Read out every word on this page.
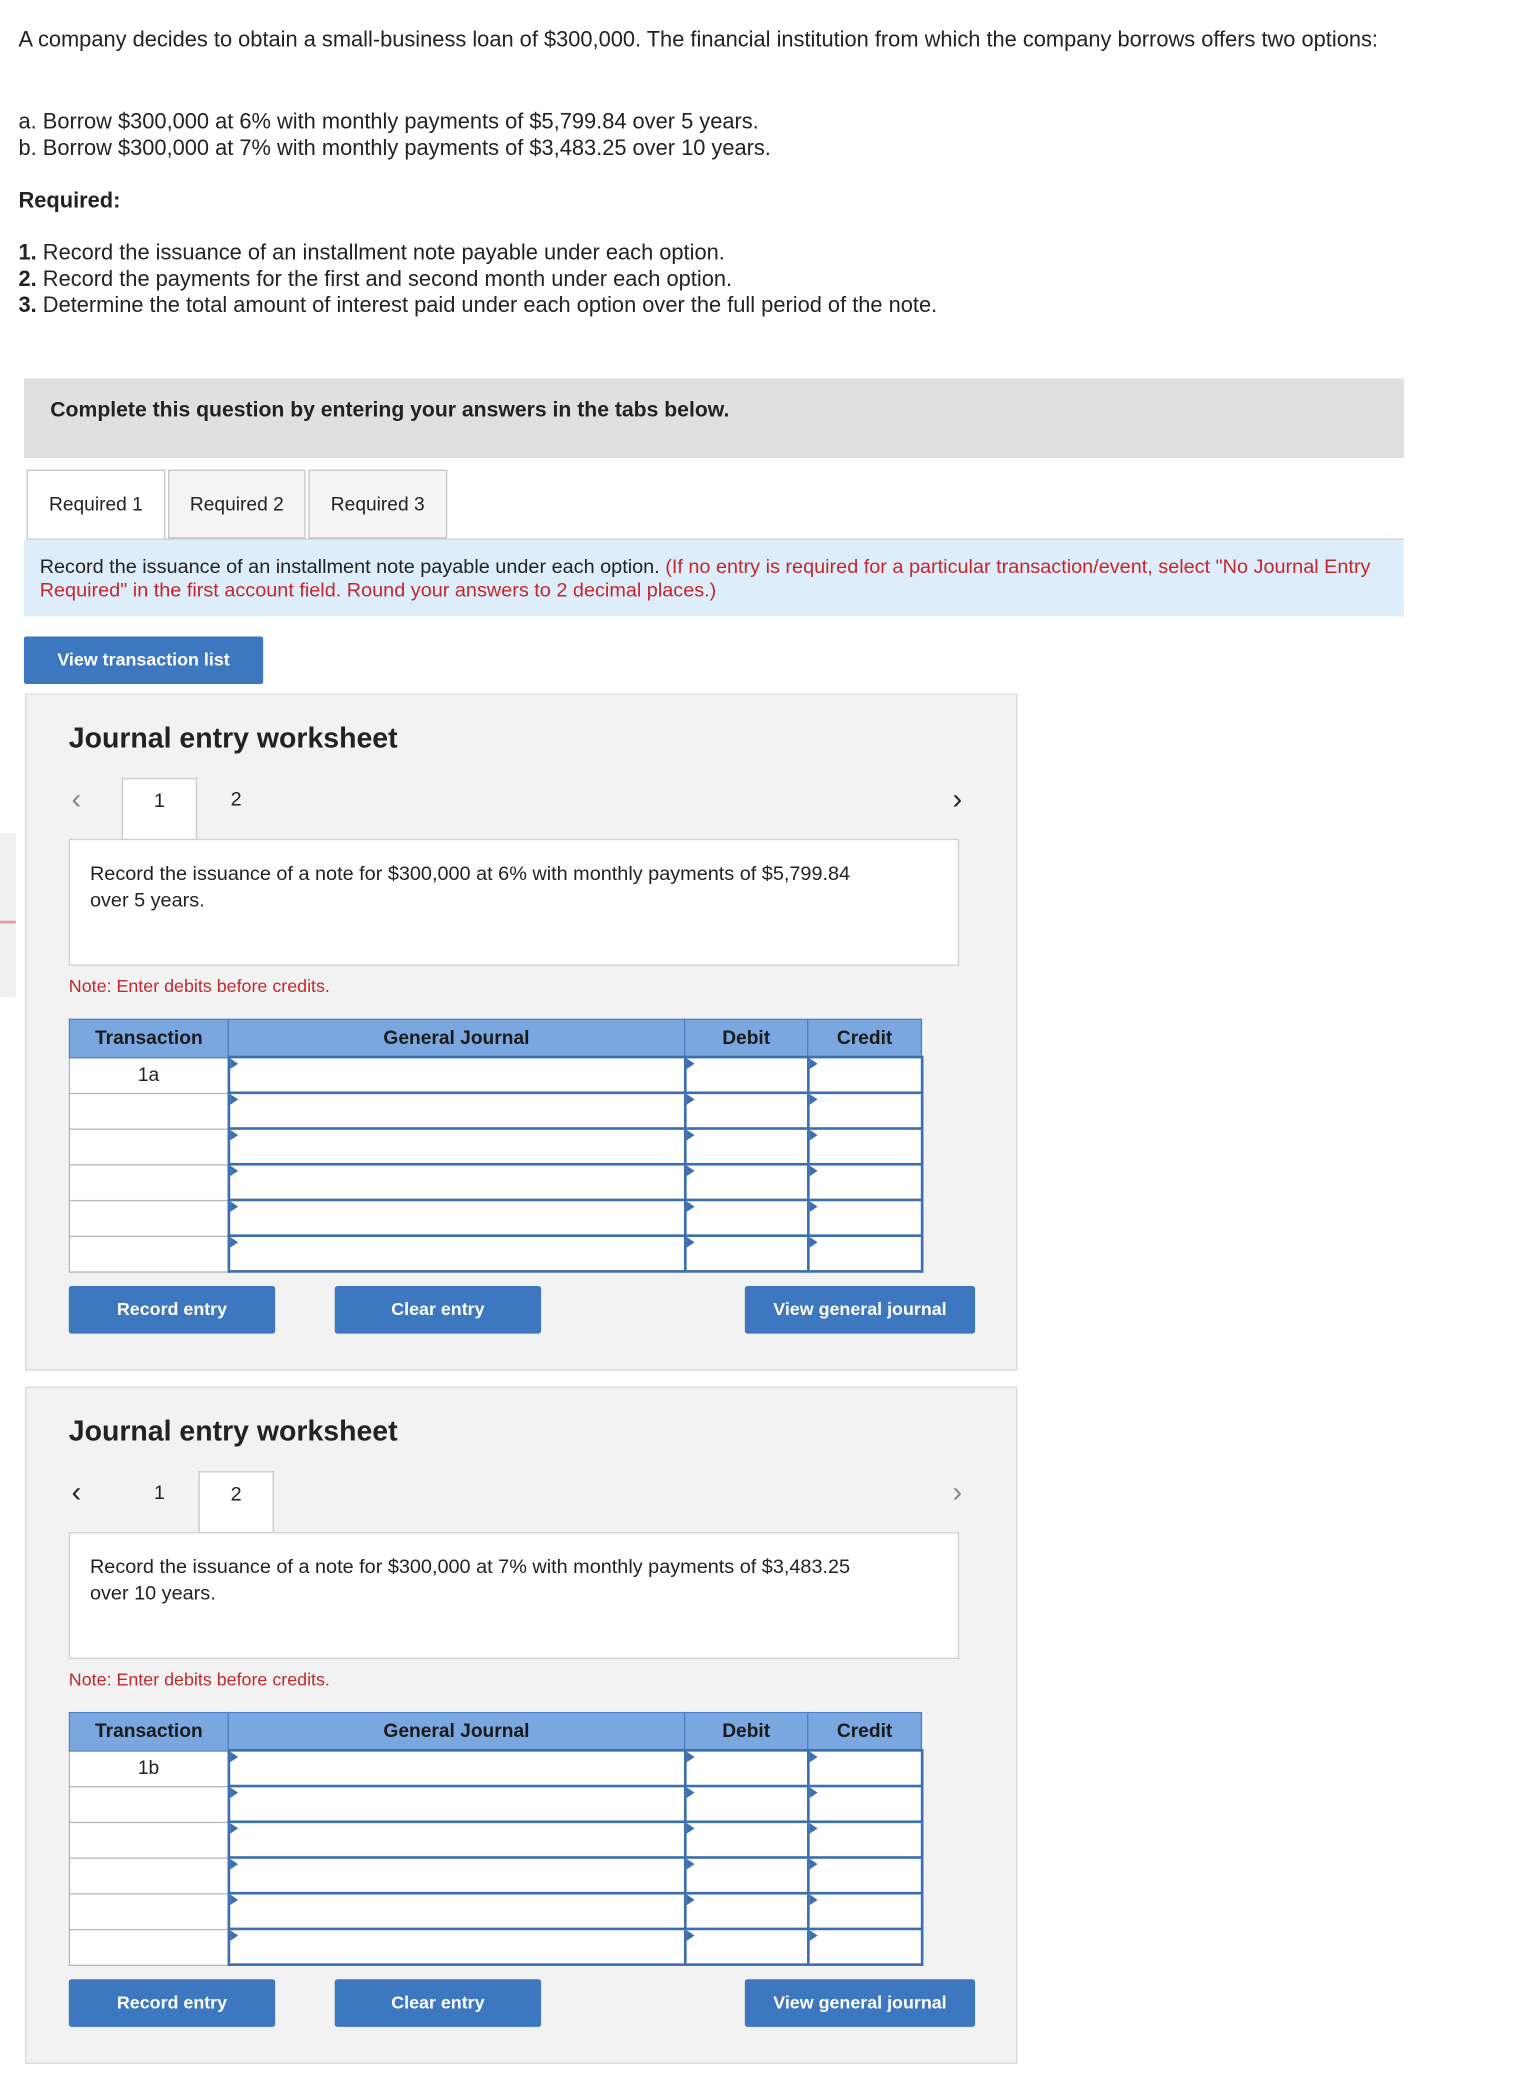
A company decides to obtain a small-business loan of $300,000. The financial institution from which the company borrows offers two options:
a. Borrow $300,000 at 6% with monthly payments of $5,799.84 over 5 years.
b. Borrow $300,000 at 7% with monthly payments of $3,483.25 over 10 years.
Required:
1. Record the issuance of an installment note payable under each option.
2. Record the payments for the first and second month under each option.
3. Determine the total amount of interest paid under each option over the full period of the note.
Complete this question by entering your answers in the tabs below.
Required 1	Required 2	Required 3
Record the issuance of an installment note payable under each option. (If no entry is required for a particular transaction/event, select "No Journal Entry Required" in the first account field. Round your answers to 2 decimal places.)
View transaction list
Journal entry worksheet
‹	1	2	›
Record the issuance of a note for $300,000 at 6% with monthly payments of $5,799.84 over 5 years.
Note: Enter debits before credits.
Transaction	General Journal	Debit	Credit
1a			

Record entry	Clear entry	View general journal
Journal entry worksheet
‹	1	2	›
Record the issuance of a note for $300,000 at 7% with monthly payments of $3,483.25 over 10 years.
Note: Enter debits before credits.
Transaction	General Journal	Debit	Credit
1b			

Record entry	Clear entry	View general journal
